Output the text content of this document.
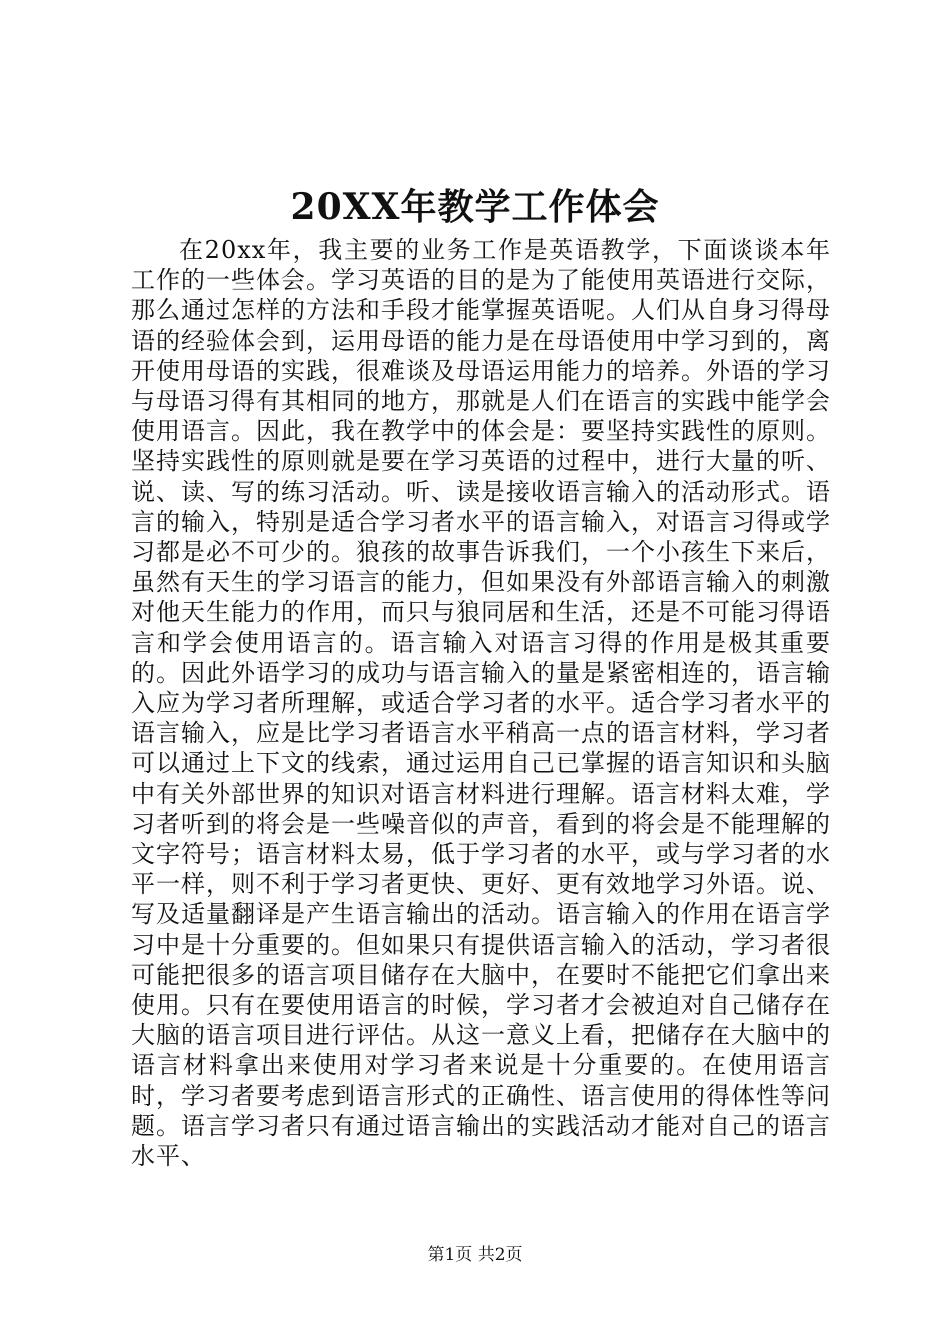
20XX年教学工作体会

在20xx年，我主要的业务工作是英语教学，下面谈谈本年工作的一些体会。学习英语的目的是为了能使用英语进行交际，那么通过怎样的方法和手段才能掌握英语呢。人们从自身习得母语的经验体会到，运用母语的能力是在母语使用中学习到的，离开使用母语的实践，很难谈及母语运用能力的培养。外语的学习与母语习得有其相同的地方，那就是人们在语言的实践中能学会使用语言。因此，我在教学中的体会是：要坚持实践性的原则。坚持实践性的原则就是要在学习英语的过程中，进行大量的听、说、读、写的练习活动。听、读是接收语言输入的活动形式。语言的输入，特别是适合学习者水平的语言输入，对语言习得或学习都是必不可少的。狼孩的故事告诉我们，一个小孩生下来后，虽然有天生的学习语言的能力，但如果没有外部语言输入的刺激对他天生能力的作用，而只与狼同居和生活，还是不可能习得语言和学会使用语言的。语言输入对语言习得的作用是极其重要的。因此外语学习的成功与语言输入的量是紧密相连的，语言输入应为学习者所理解，或适合学习者的水平。适合学习者水平的语言输入，应是比学习者语言水平稍高一点的语言材料，学习者可以通过上下文的线索，通过运用自己已掌握的语言知识和头脑中有关外部世界的知识对语言材料进行理解。语言材料太难，学习者听到的将会是一些噪音似的声音，看到的将会是不能理解的文字符号；语言材料太易，低于学习者的水平，或与学习者的水平一样，则不利于学习者更快、更好、更有效地学习外语。说、写及适量翻译是产生语言输出的活动。语言输入的作用在语言学习中是十分重要的。但如果只有提供语言输入的活动，学习者很可能把很多的语言项目储存在大脑中，在要时不能把它们拿出来使用。只有在要使用语言的时候，学习者才会被迫对自己储存在大脑的语言项目进行评估。从这一意义上看，把储存在大脑中的语言材料拿出来使用对学习者来说是十分重要的。在使用语言时，学习者要考虑到语言形式的正确性、语言使用的得体性等问题。语言学习者只有通过语言输出的实践活动才能对自己的语言水平、

第1页 共2页
